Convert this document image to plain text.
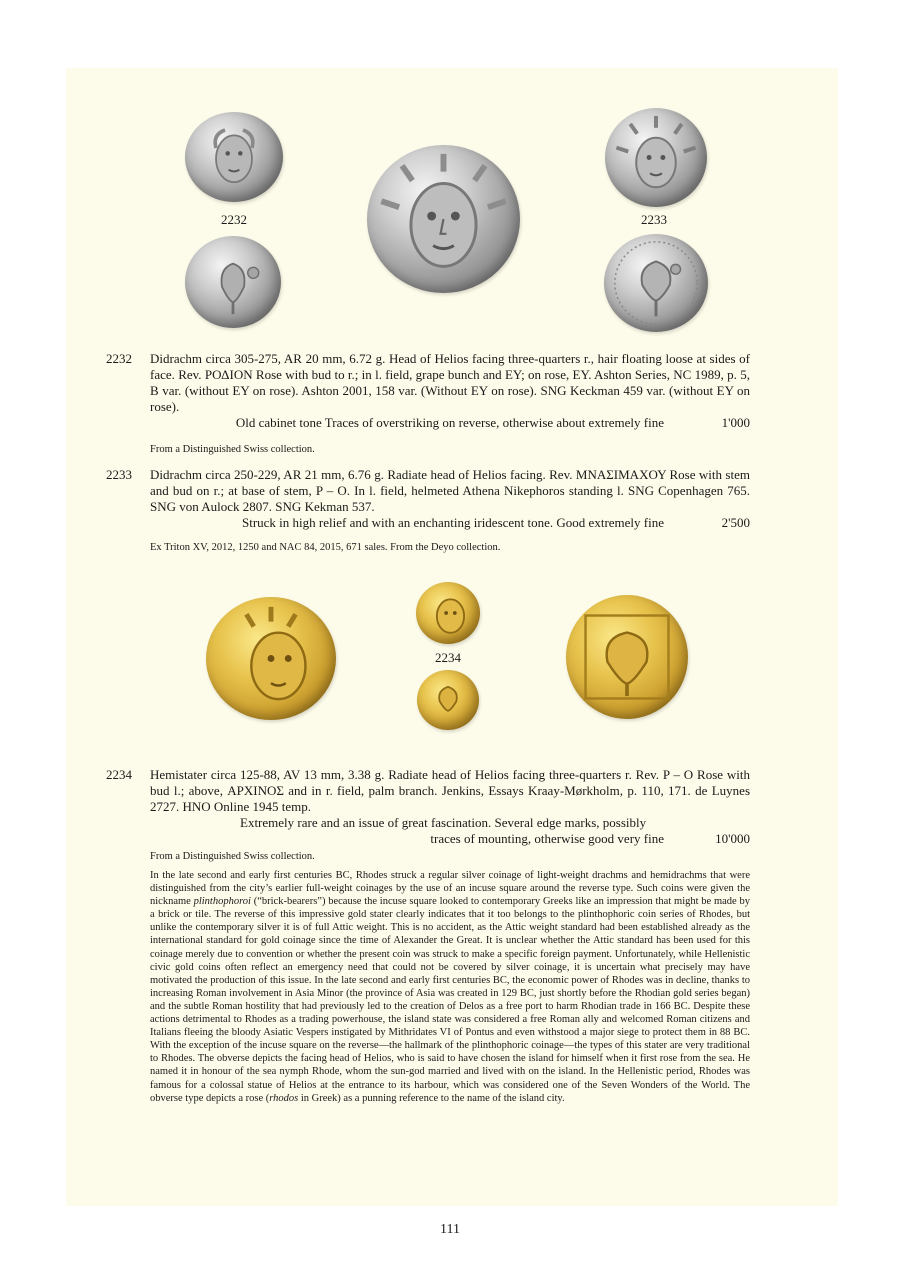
2232	2233
2232 Didrachm circa 305-275, AR 20 mm, 6.72 g. Head of Helios facing three-quarters r., hair floating loose at sides of face. Rev. ΡΟΔΙΟΝ Rose with bud to r.; in l. field, grape bunch and EY; on rose, EY. Ashton Series, NC 1989, p. 5, B var. (without EY on rose). Ashton 2001, 158 var. (Without EY on rose). SNG Keckman 459 var. (without EY on rose).
Old cabinet tone Traces of overstriking on reverse, otherwise about extremely fine	1'000
From a Distinguished Swiss collection.
2233 Didrachm circa 250-229, AR 21 mm, 6.76 g. Radiate head of Helios facing. Rev. ΜΝΑΣΙΜΑΧΟΥ Rose with stem and bud on r.; at base of stem, P – O. In l. field, helmeted Athena Nikephoros standing l. SNG Copenhagen 765. SNG von Aulock 2807. SNG Kekman 537.
Struck in high relief and with an enchanting iridescent tone. Good extremely fine	2'500
Ex Triton XV, 2012, 1250 and NAC 84, 2015, 671 sales. From the Deyo collection.
2234
2234 Hemistater circa 125-88, AV 13 mm, 3.38 g. Radiate head of Helios facing three-quarters r. Rev. P – O Rose with bud l.; above, ΑΡΧΙΝΟΣ and in r. field, palm branch. Jenkins, Essays Kraay-Mørkholm, p. 110, 171. de Luynes 2727. HNO Online 1945 temp.
Extremely rare and an issue of great fascination. Several edge marks, possibly
traces of mounting, otherwise good very fine	10'000
From a Distinguished Swiss collection.
In the late second and early first centuries BC, Rhodes struck a regular silver coinage of light-weight drachms and hemidrachms that were distinguished from the city’s earlier full-weight coinages by the use of an incuse square around the reverse type. Such coins were given the nickname plinthophoroi (“brick-bearers”) because the incuse square looked to contemporary Greeks like an impression that might be made by a brick or tile. The reverse of this impressive gold stater clearly indicates that it too belongs to the plinthophoric coin series of Rhodes, but unlike the contemporary silver it is of full Attic weight. This is no accident, as the Attic weight standard had been established already as the international standard for gold coinage since the time of Alexander the Great. It is unclear whether the Attic standard has been used for this coinage merely due to convention or whether the present coin was struck to make a specific foreign payment. Unfortunately, while Hellenistic civic gold coins often reflect an emergency need that could not be covered by silver coinage, it is uncertain what precisely may have motivated the production of this issue. In the late second and early first centuries BC, the economic power of Rhodes was in decline, thanks to increasing Roman involvement in Asia Minor (the province of Asia was created in 129 BC, just shortly before the Rhodian gold series began) and the subtle Roman hostility that had previously led to the creation of Delos as a free port to harm Rhodian trade in 166 BC. Despite these actions detrimental to Rhodes as a trading powerhouse, the island state was considered a free Roman ally and welcomed Roman citizens and Italians fleeing the bloody Asiatic Vespers instigated by Mithridates VI of Pontus and even withstood a major siege to protect them in 88 BC. With the exception of the incuse square on the reverse—the hallmark of the plinthophoric coinage—the types of this stater are very traditional to Rhodes. The obverse depicts the facing head of Helios, who is said to have chosen the island for himself when it first rose from the sea. He named it in honour of the sea nymph Rhode, whom the sun-god married and lived with on the island. In the Hellenistic period, Rhodes was famous for a colossal statue of Helios at the entrance to its harbour, which was considered one of the Seven Wonders of the World. The obverse type depicts a rose (rhodos in Greek) as a punning reference to the name of the island city.
111
